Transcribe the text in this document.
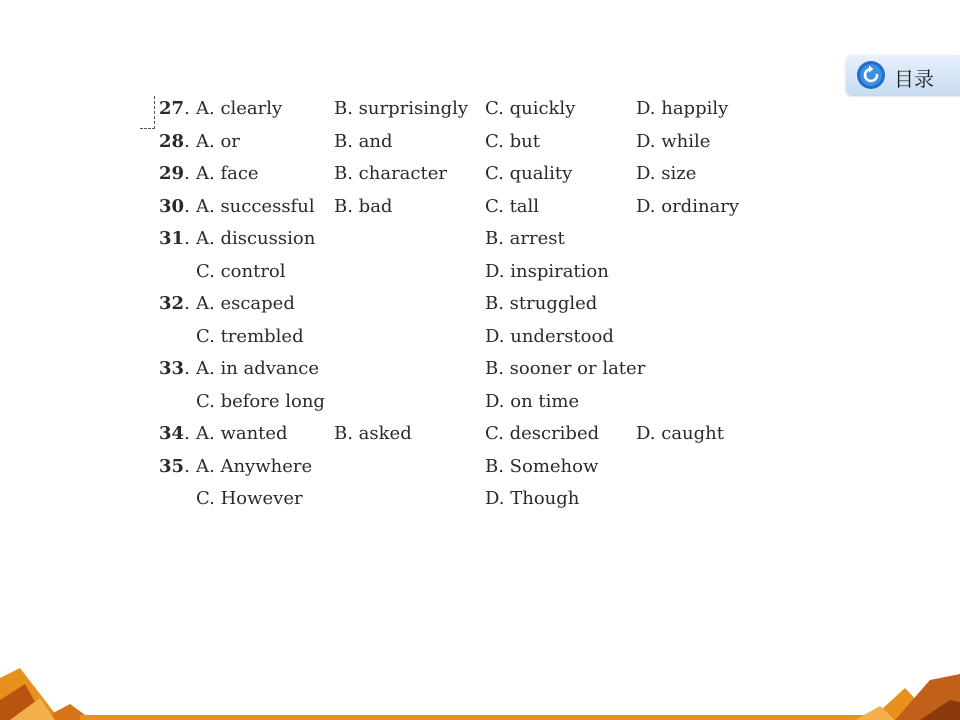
目录
27. A. clearly	B. surprisingly C. quickly	D. happily
28. A. or	B. and	C. but	D. while
29. A. face	B. character C. quality	D. size
30. A. successful B. bad	C. tall	D. ordinary
31. A. discussion	B. arrest
C. control	D. inspiration
32. A. escaped	B. struggled
C. trembled	D. understood
33. A. in advance	B. sooner or later
C. before long	D. on time
34. A. wanted	B. asked	C. described D. caught
35. A. Anywhere	B. Somehow
C. However	D. Though
